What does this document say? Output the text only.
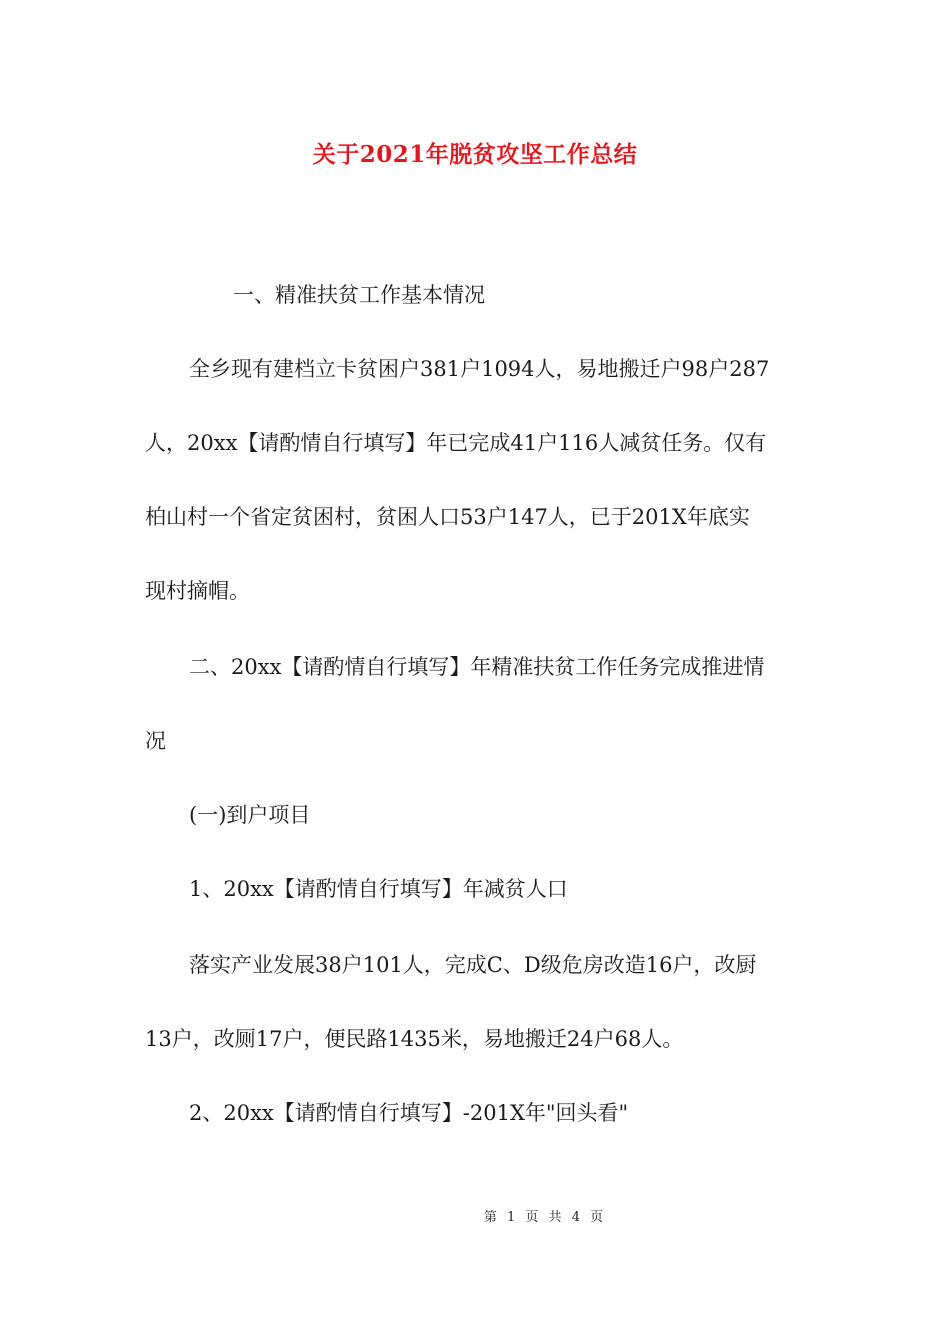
关于2021年脱贫攻坚工作总结
一、精准扶贫工作基本情况
全乡现有建档立卡贫困户381户1094人，易地搬迁户98户287
人，20xx【请酌情自行填写】年已完成41户116人减贫任务。仅有
柏山村一个省定贫困村，贫困人口53户147人，已于201X年底实
现村摘帽。
二、20xx【请酌情自行填写】年精准扶贫工作任务完成推进情
况
(一)到户项目
1、20xx【请酌情自行填写】年减贫人口
落实产业发展38户101人，完成C、D级危房改造16户，改厨
13户，改厕17户，便民路1435米，易地搬迁24户68人。
2、20xx【请酌情自行填写】-201X年"回头看"
第 1 页 共 4 页
